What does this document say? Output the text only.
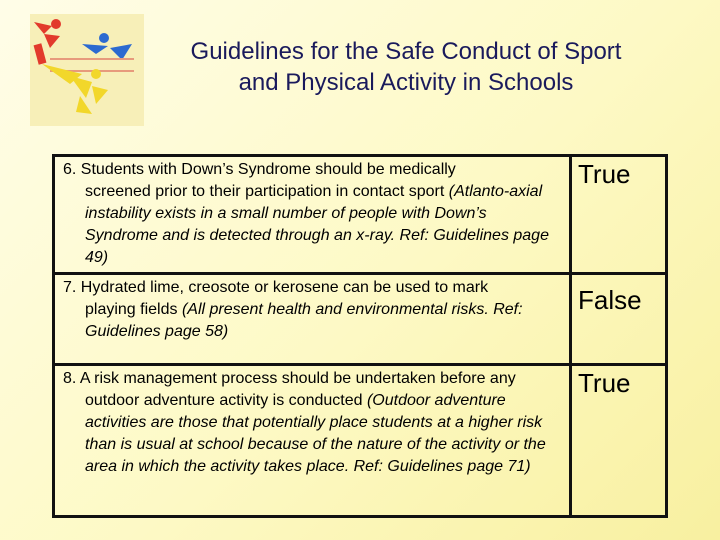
Guidelines for the Safe Conduct of Sport
and Physical Activity in Schools
6. Students with Down’s Syndrome should be medically
screened prior to their participation in contact sport (Atlanto-axial instability exists in a small number of people with Down’s Syndrome and is detected through an x-ray. Ref: Guidelines page 49)	True

7. Hydrated lime, creosote or kerosene can be used to mark
playing fields (All present health and environmental risks. Ref: Guidelines page 58)	False

8. A risk management process should be undertaken before any
outdoor adventure activity is conducted (Outdoor adventure activities are those that potentially place students at a higher risk than is usual at school because of the nature of the activity or the area in which the activity takes place. Ref: Guidelines page 71)	True
